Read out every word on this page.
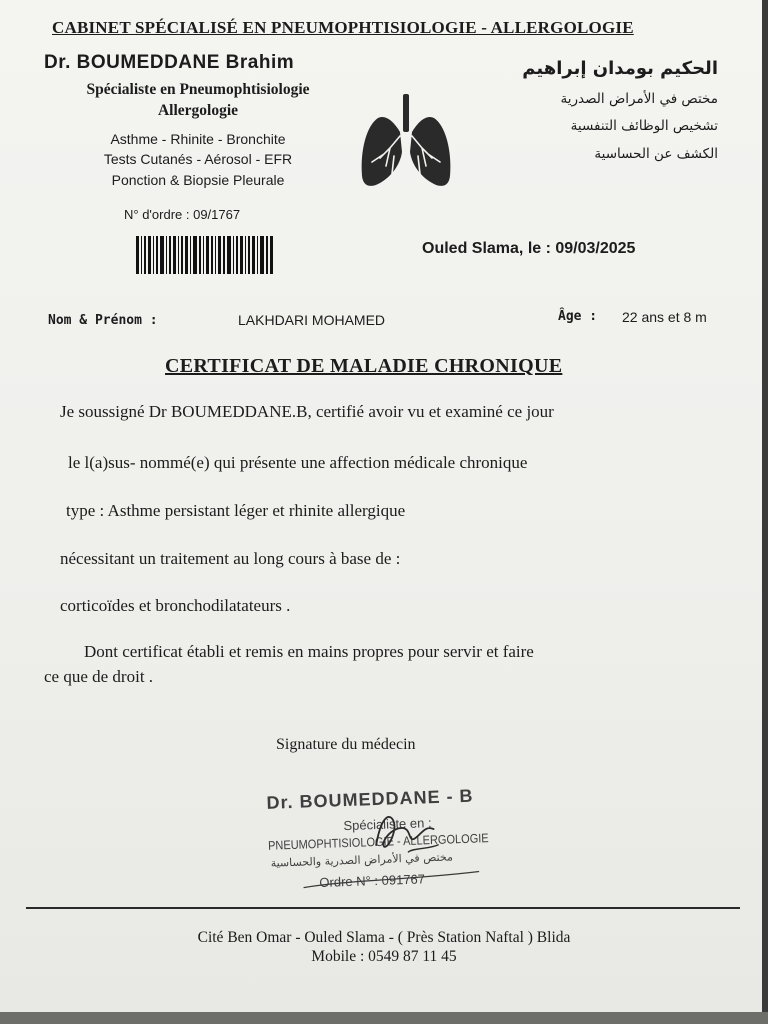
CABINET SPÉCIALISÉ EN PNEUMOPHTISIOLOGIE - ALLERGOLOGIE
Dr. BOUMEDDANE Brahim
Spécialiste en Pneumophtisiologie
Allergologie
Asthme - Rhinite - Bronchite
Tests Cutanés - Aérosol - EFR
Ponction & Biopsie Pleurale
N° d'ordre : 09/1767
الحكيم بومدان إبراهيم
مختص في الأمراض الصدرية
تشخيص الوظائف التنفسية
الكشف عن الحساسية
Ouled Slama, le : 09/03/2025
Nom & Prénom :	LAKHDARI MOHAMED	Âge : 22 ans et 8 m
CERTIFICAT DE MALADIE CHRONIQUE
Je soussigné Dr BOUMEDDANE.B, certifié avoir vu et examiné ce jour
le l(a)sus- nommé(e) qui présente une affection médicale chronique
type : Asthme persistant léger et rhinite allergique
nécessitant un traitement au long cours à base de :
corticoïdes et bronchodilatateurs .
Dont certificat établi et remis en mains propres pour servir et faire
ce que de droit .
Signature du médecin
Dr. BOUMEDDANE - B
Spécialiste en :
PNEUMOPHTISIOLOGIE - ALLERGOLOGIE
مختص في الأمراض الصدرية والحساسية
Ordre N° : 091767
Cité Ben Omar - Ouled Slama - ( Près Station Naftal ) Blida
Mobile : 0549 87 11 45
